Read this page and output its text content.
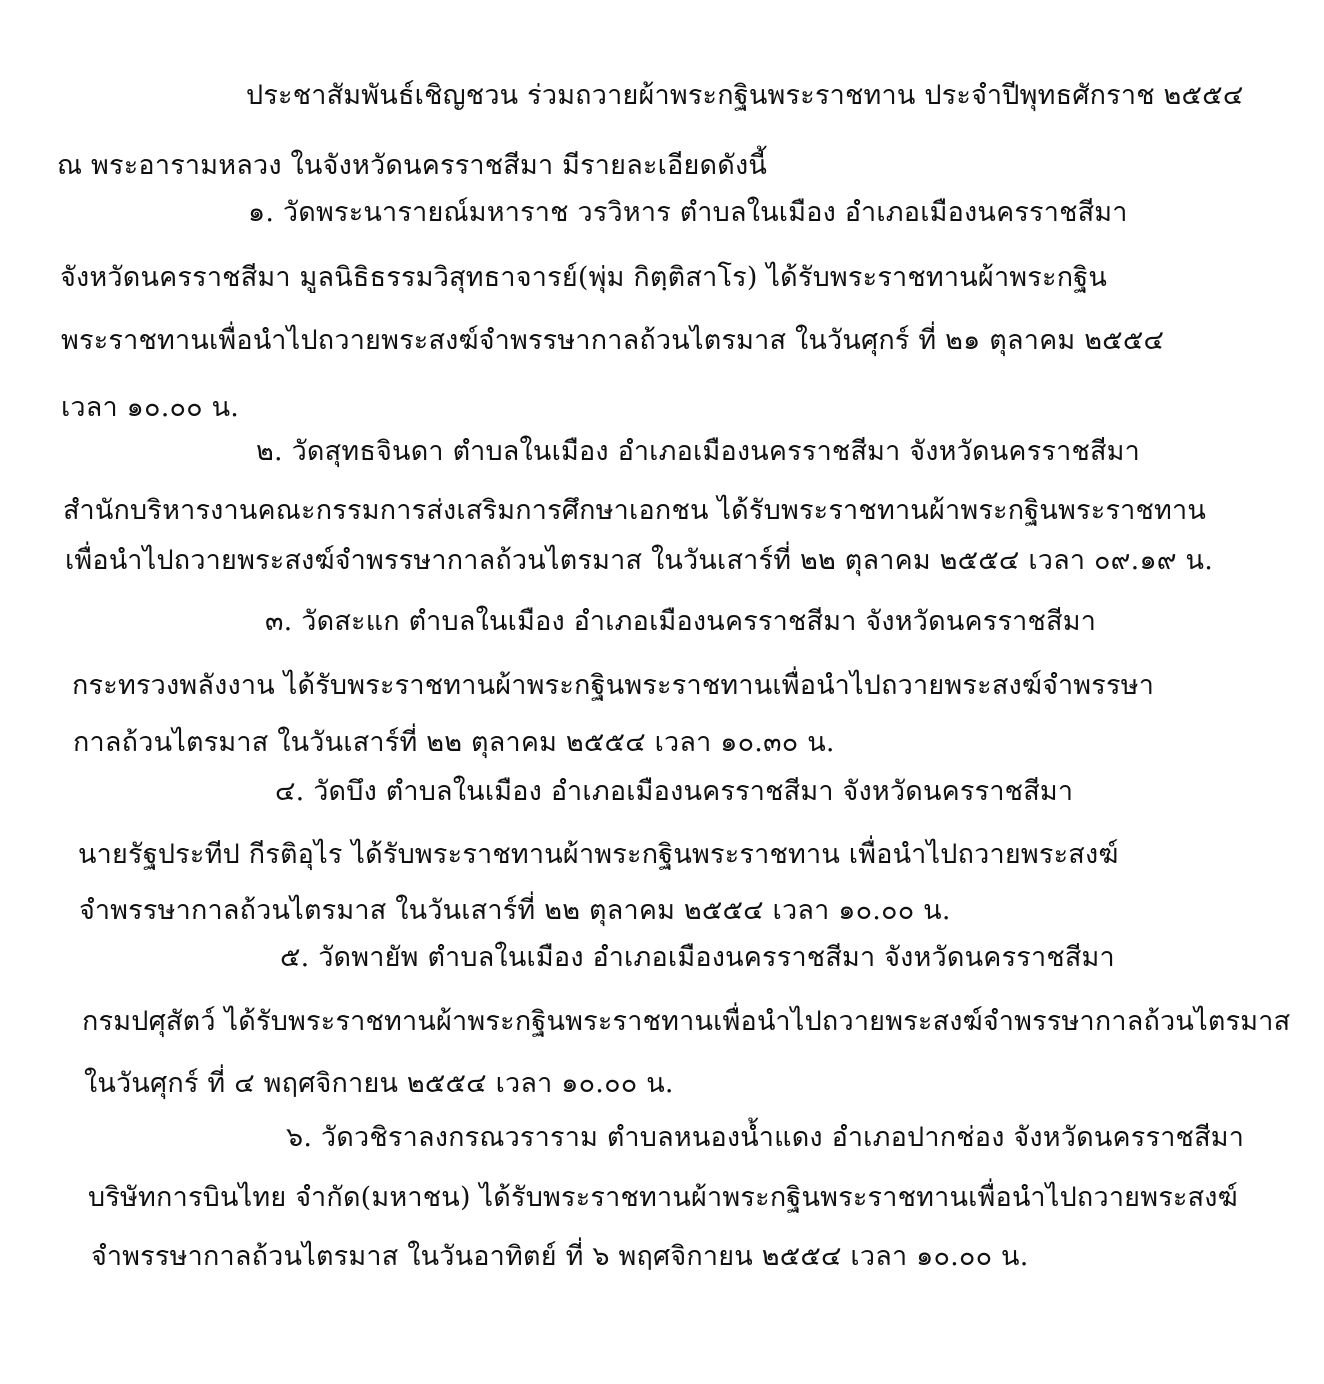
ประชาสัมพันธ์เชิญชวน ร่วมถวายผ้าพระกฐินพระราชทาน ประจำปีพุทธศักราช ๒๕๕๔
ณ พระอารามหลวง ในจังหวัดนครราชสีมา มีรายละเอียดดังนี้
๑. วัดพระนารายณ์มหาราช วรวิหาร ตำบลในเมือง อำเภอเมืองนครราชสีมา
จังหวัดนครราชสีมา มูลนิธิธรรมวิสุทธาจารย์(พุ่ม กิตฺติสาโร) ได้รับพระราชทานผ้าพระกฐิน
พระราชทานเพื่อนำไปถวายพระสงฆ์จำพรรษากาลถ้วนไตรมาส ในวันศุกร์ ที่ ๒๑ ตุลาคม ๒๕๕๔
เวลา ๑๐.๐๐ น.
๒. วัดสุทธจินดา ตำบลในเมือง อำเภอเมืองนครราชสีมา จังหวัดนครราชสีมา
สำนักบริหารงานคณะกรรมการส่งเสริมการศึกษาเอกชน ได้รับพระราชทานผ้าพระกฐินพระราชทาน
เพื่อนำไปถวายพระสงฆ์จำพรรษากาลถ้วนไตรมาส ในวันเสาร์ที่ ๒๒ ตุลาคม ๒๕๕๔ เวลา ๐๙.๑๙ น.
๓. วัดสะแก ตำบลในเมือง อำเภอเมืองนครราชสีมา จังหวัดนครราชสีมา
กระทรวงพลังงาน ได้รับพระราชทานผ้าพระกฐินพระราชทานเพื่อนำไปถวายพระสงฆ์จำพรรษา
กาลถ้วนไตรมาส ในวันเสาร์ที่ ๒๒ ตุลาคม ๒๕๕๔ เวลา ๑๐.๓๐ น.
๔. วัดบึง ตำบลในเมือง อำเภอเมืองนครราชสีมา จังหวัดนครราชสีมา
นายรัฐประทีป กีรติอุไร ได้รับพระราชทานผ้าพระกฐินพระราชทาน เพื่อนำไปถวายพระสงฆ์
จำพรรษากาลถ้วนไตรมาส ในวันเสาร์ที่ ๒๒ ตุลาคม ๒๕๕๔ เวลา ๑๐.๐๐ น.
๕. วัดพายัพ ตำบลในเมือง อำเภอเมืองนครราชสีมา จังหวัดนครราชสีมา
กรมปศุสัตว์ ได้รับพระราชทานผ้าพระกฐินพระราชทานเพื่อนำไปถวายพระสงฆ์จำพรรษากาลถ้วนไตรมาส
ในวันศุกร์ ที่ ๔ พฤศจิกายน ๒๕๕๔ เวลา ๑๐.๐๐ น.
๖. วัดวชิราลงกรณวราราม ตำบลหนองน้ำแดง อำเภอปากช่อง จังหวัดนครราชสีมา
บริษัทการบินไทย จำกัด(มหาชน) ได้รับพระราชทานผ้าพระกฐินพระราชทานเพื่อนำไปถวายพระสงฆ์
จำพรรษากาลถ้วนไตรมาส ในวันอาทิตย์ ที่ ๖ พฤศจิกายน ๒๕๕๔ เวลา ๑๐.๐๐ น.
